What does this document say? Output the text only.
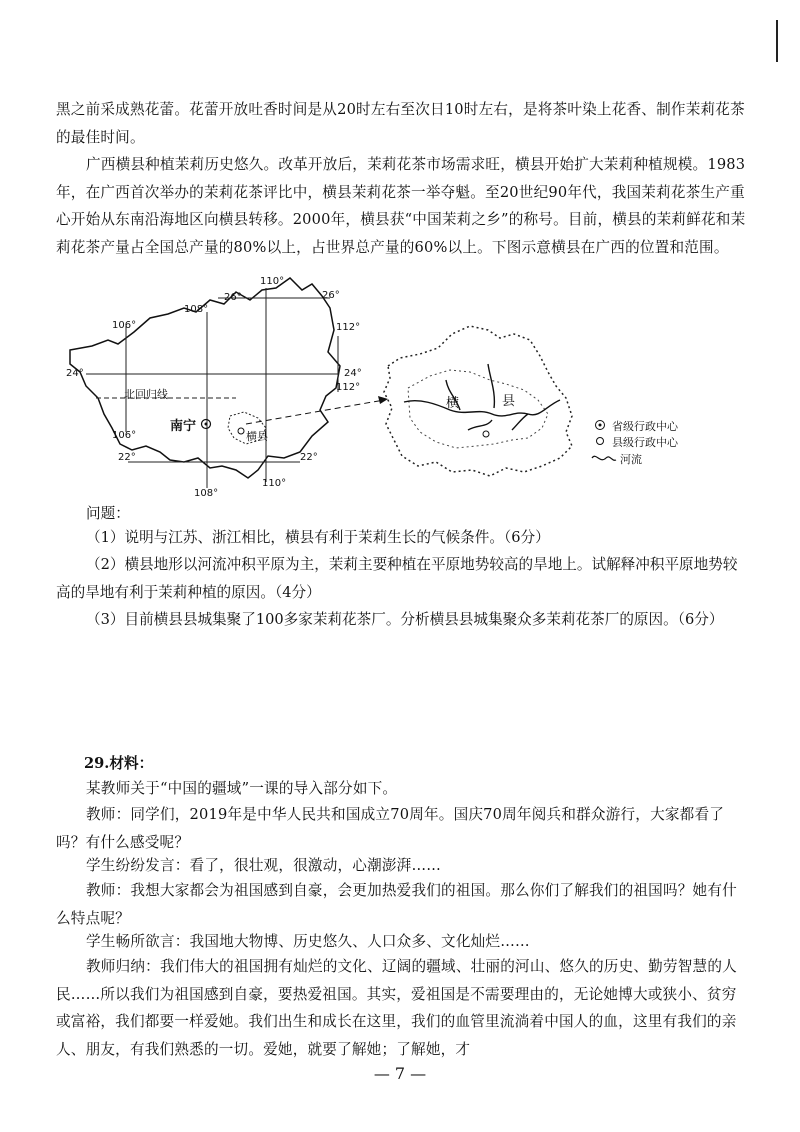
黑之前采成熟花蕾。花蕾开放吐香时间是从20时左右至次日10时左右，是将茶叶染上花香、制作茉莉花茶的最佳时间。

广西横县种植茉莉历史悠久。改革开放后，茉莉花茶市场需求旺，横县开始扩大茉莉种植规模。1983年，在广西首次举办的茉莉花茶评比中，横县茉莉花茶一举夺魁。至20世纪90年代，我国茉莉花茶生产重心开始从东南沿海地区向横县转移。2000年，横县获“中国茉莉之乡”的称号。目前，横县的茉莉鲜花和茉莉花茶产量占全国总产量的80%以上，占世界总产量的60%以上。下图示意横县在广西的位置和范围。

106°
108°
110°
106°
108°
110°
26°	26°
24°	24°
22°	22°
112°
112°
北回归线
南宁
横县
横	县
省级行政中心
县级行政中心
河流

问题：

（1）说明与江苏、浙江相比，横县有利于茉莉生长的气候条件。（6分）

（2）横县地形以河流冲积平原为主，茉莉主要种植在平原地势较高的旱地上。试解释冲积平原地势较高的旱地有利于茉莉种植的原因。（4分）

（3）目前横县县城集聚了100多家茉莉花茶厂。分析横县县城集聚众多茉莉花茶厂的原因。（6分）

29.材料：

某教师关于“中国的疆域”一课的导入部分如下。

教师：同学们，2019年是中华人民共和国成立70周年。国庆70周年阅兵和群众游行，大家都看了吗？有什么感受呢？

学生纷纷发言：看了，很壮观，很激动，心潮澎湃……

教师：我想大家都会为祖国感到自豪，会更加热爱我们的祖国。那么你们了解我们的祖国吗？她有什么特点呢？

学生畅所欲言：我国地大物博、历史悠久、人口众多、文化灿烂……

教师归纳：我们伟大的祖国拥有灿烂的文化、辽阔的疆域、壮丽的河山、悠久的历史、勤劳智慧的人民……所以我们为祖国感到自豪，要热爱祖国。其实，爱祖国是不需要理由的，无论她博大或狭小、贫穷或富裕，我们都要一样爱她。我们出生和成长在这里，我们的血管里流淌着中国人的血，这里有我们的亲人、朋友，有我们熟悉的一切。爱她，就要了解她；了解她，才

— 7 —
